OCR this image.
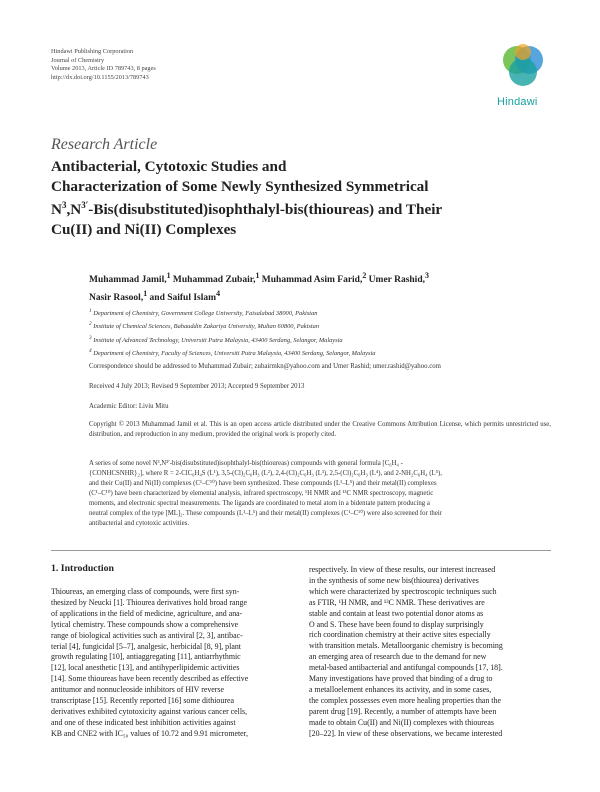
Hindawi Publishing Corporation
Journal of Chemistry
Volume 2013, Article ID 789743, 8 pages
http://dx.doi.org/10.1155/2013/789743
Hindawi
Research Article
Antibacterial, Cytotoxic Studies and
Characterization of Some Newly Synthesized Symmetrical
$N^3,N^{3'}-Bis(disubstituted)isophthalyl-bis(thioureas)$ and Their
Cu(II) and Ni(II) Complexes
Muhammad Jamil,$^1$ Muhammad Zubair,$^1$ Muhammad Asim Farid,$^2$ Umer Rashid,$^3$
Nasir Rasool,$^1$ and Saiful Islam$^4$
$^1$ Department of Chemistry, Government College University, Faisalabad 38000, Pakistan
$^2$ Institute of Chemical Sciences, Bahauddin Zakariya University, Multan 60800, Pakistan
$^3$ Institute of Advanced Technology, Universiti Putra Malaysia, 43400 Serdang, Selangor, Malaysia
$^4$ Department of Chemistry, Faculty of Sciences, Universiti Putra Malaysia, 43400 Serdang, Selangor, Malaysia
Correspondence should be addressed to Muhammad Zubair; zubairmkn@yahoo.com and Umer Rashid; umer.rashid@yahoo.com
Received 4 July 2013; Revised 9 September 2013; Accepted 9 September 2013
Academic Editor: Liviu Mitu
Copyright © 2013 Muhammad Jamil et al. This is an open access article distributed under the Creative Commons Attribution License, which permits unrestricted use, distribution, and reproduction in any medium, provided the original work is properly cited.
A series of some novel N³,N³′-bis(disubstituted)isophthalyl-bis(thioureas) compounds with general formula [C₆H₄ -
{CONHCSNHR}₂], where R = 2-ClC₆H₄S (L¹), 3,5-(Cl)₂C₆H₃ (L²), 2,4-(Cl)₂C₆H₃ (L³), 2,5-(Cl)₂C₆H₃ (L⁴), and 2-NH₂C₆H₄ (L⁵),
and their Cu(II) and Ni(II) complexes (C¹–C¹⁰) have been synthesized. These compounds (L¹–L⁵) and their metal(II) complexes
(C¹–C¹⁰) have been characterized by elemental analysis, infrared spectroscopy, ¹H NMR and ¹³C NMR spectroscopy, magnetic
moments, and electronic spectral measurements. The ligands are coordinated to metal atom in a bidentate pattern producing a
neutral complex of the type [ML]₂. These compounds (L¹–L⁵) and their metal(II) complexes (C¹–C¹⁰) were also screened for their
antibacterial and cytotoxic activities.
1. Introduction
Thioureas, an emerging class of compounds, were first syn-
thesized by Neucki [1]. Thiourea derivatives hold broad range
of applications in the field of medicine, agriculture, and ana-
lytical chemistry. These compounds show a comprehensive
range of biological activities such as antiviral [2, 3], antibac-
terial [4], fungicidal [5–7], analgesic, herbicidal [8, 9], plant
growth regulating [10], antiaggregating [11], antiarrhythmic
[12], local anesthetic [13], and antihyperlipidemic activities
[14]. Some thioureas have been recently described as effective
antitumor and nonnucleoside inhibitors of HIV reverse
transcriptase [15]. Recently reported [16] some dithiourea
derivatives exhibited cytotoxicity against various cancer cells,
and one of these indicated best inhibition activities against
KB and CNE2 with IC₅₀ values of 10.72 and 9.91 micrometer,
respectively. In view of these results, our interest increased
in the synthesis of some new bis(thiourea) derivatives
which were characterized by spectroscopic techniques such
as FTIR, ¹H NMR, and ¹³C NMR. These derivatives are
stable and contain at least two potential donor atoms as
O and S. These have been found to display surprisingly
rich coordination chemistry at their active sites especially
with transition metals. Metalloorganic chemistry is becoming
an emerging area of research due to the demand for new
metal-based antibacterial and antifungal compounds [17, 18].
Many investigations have proved that binding of a drug to
a metalloelement enhances its activity, and in some cases,
the complex possesses even more healing properties than the
parent drug [19]. Recently, a number of attempts have been
made to obtain Cu(II) and Ni(II) complexes with thioureas
[20–22]. In view of these observations, we became interested
